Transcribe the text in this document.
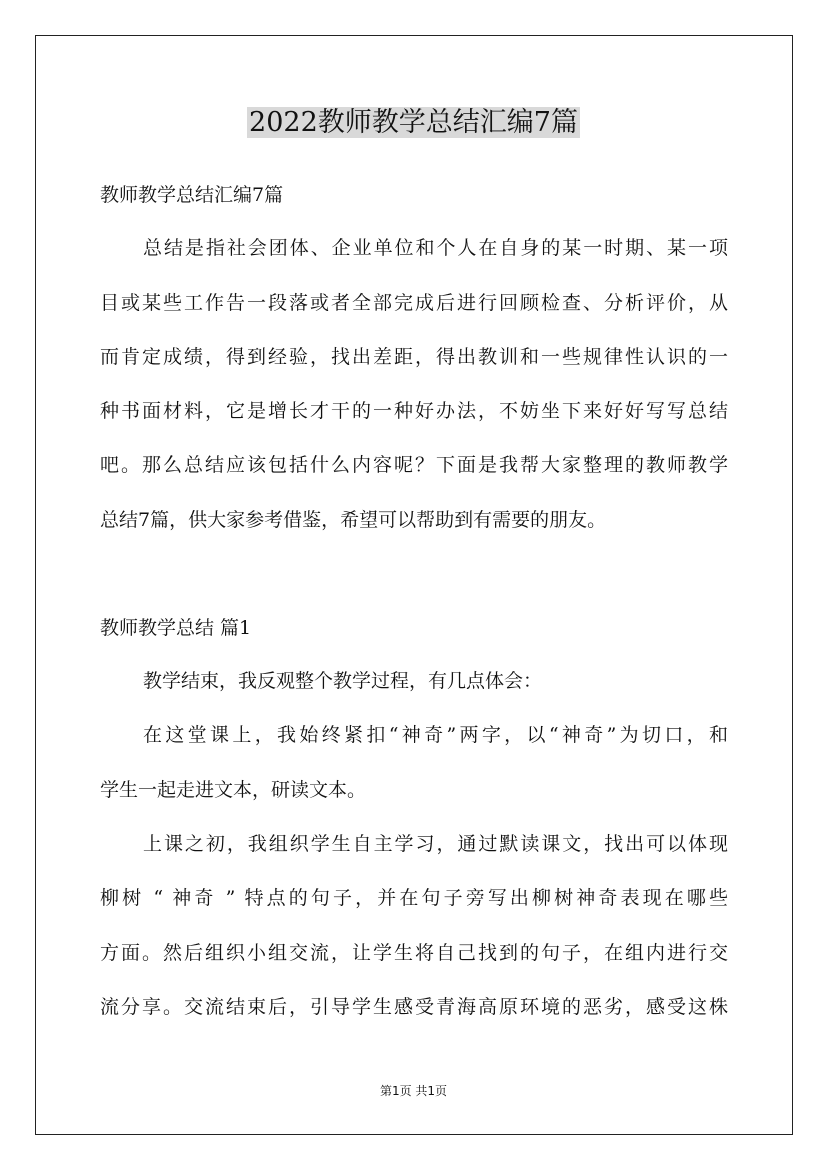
2022教师教学总结汇编7篇
教师教学总结汇编7篇
总结是指社会团体、企业单位和个人在自身的某一时期、某一项
目或某些工作告一段落或者全部完成后进行回顾检查、分析评价，从
而肯定成绩，得到经验，找出差距，得出教训和一些规律性认识的一
种书面材料，它是增长才干的一种好办法，不妨坐下来好好写写总结
吧。那么总结应该包括什么内容呢？下面是我帮大家整理的教师教学
总结7篇，供大家参考借鉴，希望可以帮助到有需要的朋友。
教师教学总结 篇1
教学结束，我反观整个教学过程，有几点体会：
在这堂课上，我始终紧扣“神奇”两字，以“神奇”为切口，和
学生一起走进文本，研读文本。
上课之初，我组织学生自主学习，通过默读课文，找出可以体现
柳树 “ 神奇 ” 特点的句子，并在句子旁写出柳树神奇表现在哪些
方面。然后组织小组交流，让学生将自己找到的句子，在组内进行交
流分享。交流结束后，引导学生感受青海高原环境的恶劣，感受这株
第1页 共1页
